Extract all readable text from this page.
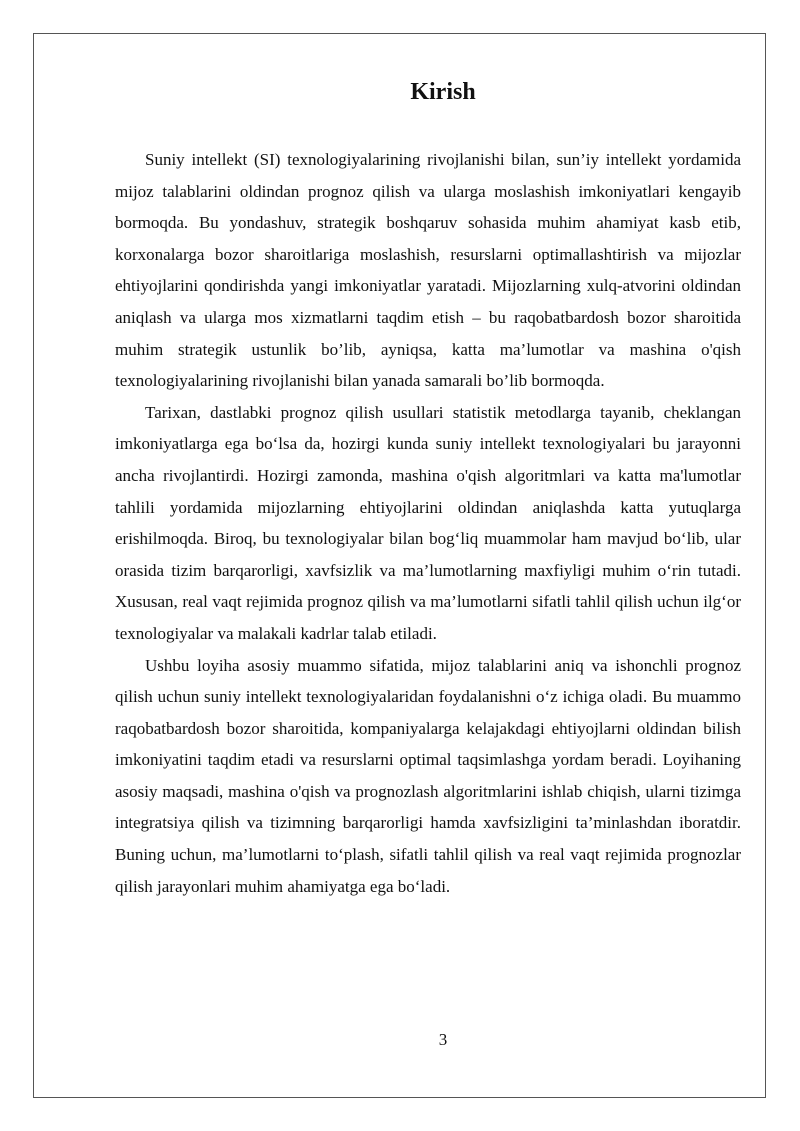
Kirish

Suniy intellekt (SI) texnologiyalarining rivojlanishi bilan, sun’iy intellekt yordamida mijoz talablarini oldindan prognoz qilish va ularga moslashish imkoniyatlari kengayib bormoqda. Bu yondashuv, strategik boshqaruv sohasida muhim ahamiyat kasb etib, korxonalarga bozor sharoitlariga moslashish, resurslarni optimallashtirish va mijozlar ehtiyojlarini qondirishda yangi imkoniyatlar yaratadi. Mijozlarning xulq-atvorini oldindan aniqlash va ularga mos xizmatlarni taqdim etish – bu raqobatbardosh bozor sharoitida muhim strategik ustunlik bo’lib, ayniqsa, katta ma’lumotlar va mashina o'qish texnologiyalarining rivojlanishi bilan yanada samarali bo’lib bormoqda.

Tarixan, dastlabki prognoz qilish usullari statistik metodlarga tayanib, cheklangan imkoniyatlarga ega bo‘lsa da, hozirgi kunda suniy intellekt texnologiyalari bu jarayonni ancha rivojlantirdi. Hozirgi zamonda, mashina o'qish algoritmlari va katta ma'lumotlar tahlili yordamida mijozlarning ehtiyojlarini oldindan aniqlashda katta yutuqlarga erishilmoqda. Biroq, bu texnologiyalar bilan bog‘liq muammolar ham mavjud bo‘lib, ular orasida tizim barqarorligi, xavfsizlik va ma’lumotlarning maxfiyligi muhim o‘rin tutadi. Xususan, real vaqt rejimida prognoz qilish va ma’lumotlarni sifatli tahlil qilish uchun ilg‘or texnologiyalar va malakali kadrlar talab etiladi.

Ushbu loyiha asosiy muammo sifatida, mijoz talablarini aniq va ishonchli prognoz qilish uchun suniy intellekt texnologiyalaridan foydalanishni o‘z ichiga oladi. Bu muammo raqobatbardosh bozor sharoitida, kompaniyalarga kelajakdagi ehtiyojlarni oldindan bilish imkoniyatini taqdim etadi va resurslarni optimal taqsimlashga yordam beradi. Loyihaning asosiy maqsadi, mashina o'qish va prognozlash algoritmlarini ishlab chiqish, ularni tizimga integratsiya qilish va tizimning barqarorligi hamda xavfsizligini ta’minlashdan iboratdir. Buning uchun, ma’lumotlarni to‘plash, sifatli tahlil qilish va real vaqt rejimida prognozlar qilish jarayonlari muhim ahamiyatga ega bo‘ladi.

3
